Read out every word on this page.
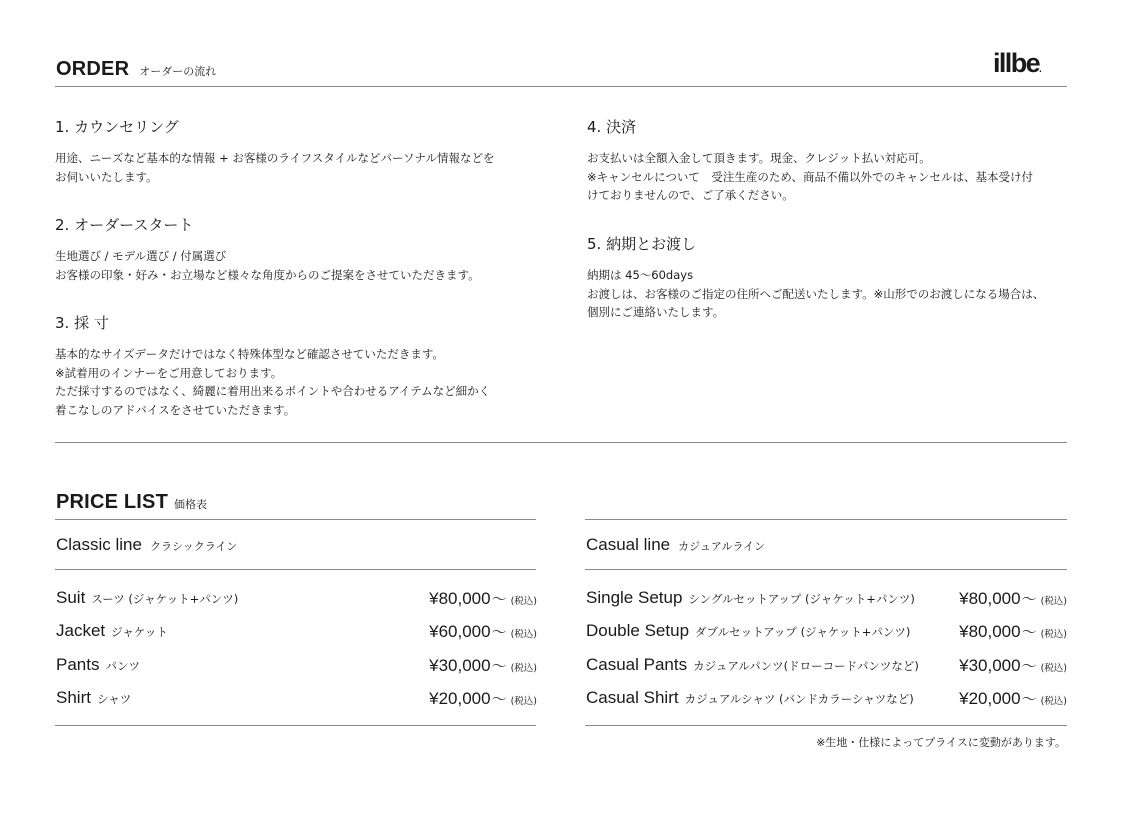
ORDER オーダーの流れ	illbe.
1. カウンセリング
用途、ニーズなど基本的な情報 + お客様のライフスタイルなどパーソナル情報などを
お伺いいたします。
2. オーダースタート
生地選び / モデル選び / 付属選び
お客様の印象・好み・お立場など様々な角度からのご提案をさせていただきます。
3. 採 寸
基本的なサイズデータだけではなく特殊体型など確認させていただきます。
※試着用のインナーをご用意しております。
ただ採寸するのではなく、綺麗に着用出来るポイントや合わせるアイテムなど細かく
着こなしのアドバイスをさせていただきます。
4. 決済
お支払いは全額入金して頂きます。現金、クレジット払い対応可。
※キャンセルについて　受注生産のため、商品不備以外でのキャンセルは、基本受け付
けておりませんので、ご了承ください。
5. 納期とお渡し
納期は 45〜60days
お渡しは、お客様のご指定の住所へご配送いたします。※山形でのお渡しになる場合は、
個別にご連絡いたします。
PRICE LIST 価格表
Classic line クラシックライン
Suit スーツ (ジャケット+パンツ)	¥80,000 〜 (税込)
Jacket ジャケット	¥60,000 〜 (税込)
Pants パンツ	¥30,000 〜 (税込)
Shirt シャツ	¥20,000 〜 (税込)
Casual line カジュアルライン
Single Setup シングルセットアップ (ジャケット+パンツ)	¥80,000 〜 (税込)
Double Setup ダブルセットアップ (ジャケット+パンツ)	¥80,000 〜 (税込)
Casual Pants カジュアルパンツ(ドローコードパンツなど) ¥30,000 〜 (税込)
Casual Shirt カジュアルシャツ (バンドカラーシャツなど)	¥20,000 〜 (税込)
※生地・仕様によってプライスに変動があります。
